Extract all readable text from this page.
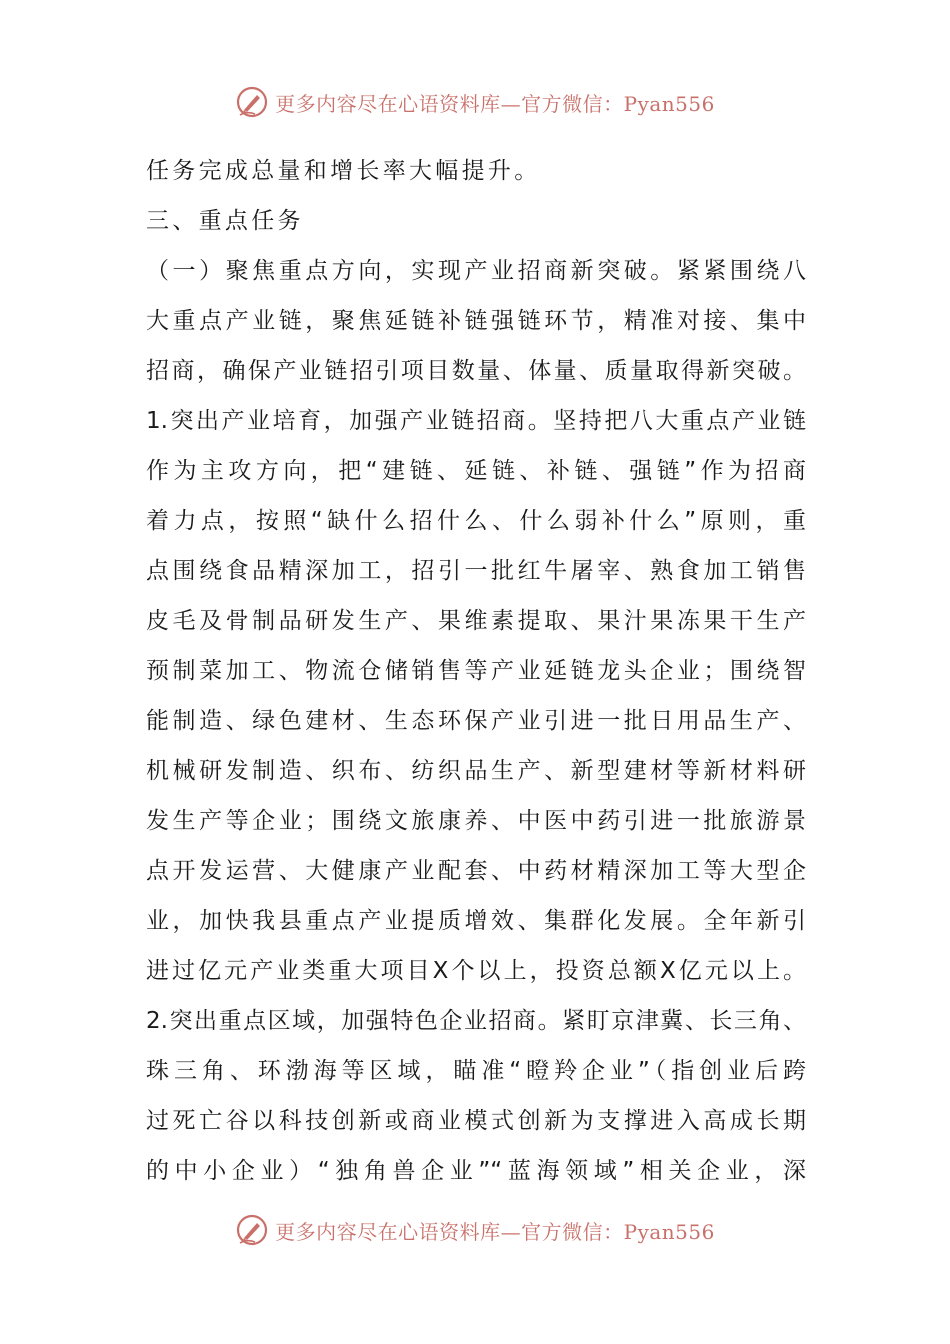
更多内容尽在心语资料库—官方微信：Pyan556
任务完成总量和增长率大幅提升。
三、重点任务
（一）聚焦重点方向，实现产业招商新突破。紧紧围绕八
大重点产业链，聚焦延链补链强链环节，精准对接、集中
招商，确保产业链招引项目数量、体量、质量取得新突破。
1.突出产业培育，加强产业链招商。坚持把八大重点产业链
作为主攻方向，把“建链、延链、补链、强链”作为招商
着力点，按照“缺什么招什么、什么弱补什么”原则，重
点围绕食品精深加工，招引一批红牛屠宰、熟食加工销售
皮毛及骨制品研发生产、果维素提取、果汁果冻果干生产
预制菜加工、物流仓储销售等产业延链龙头企业；围绕智
能制造、绿色建材、生态环保产业引进一批日用品生产、
机械研发制造、织布、纺织品生产、新型建材等新材料研
发生产等企业；围绕文旅康养、中医中药引进一批旅游景
点开发运营、大健康产业配套、中药材精深加工等大型企
业，加快我县重点产业提质增效、集群化发展。全年新引
进过亿元产业类重大项目X个以上，投资总额X亿元以上。
2.突出重点区域，加强特色企业招商。紧盯京津冀、长三角、
珠三角、环渤海等区域，瞄准“瞪羚企业”（指创业后跨
过死亡谷以科技创新或商业模式创新为支撑进入高成长期
的中小企业）“独角兽企业”“蓝海领域”相关企业，深
更多内容尽在心语资料库—官方微信：Pyan556
